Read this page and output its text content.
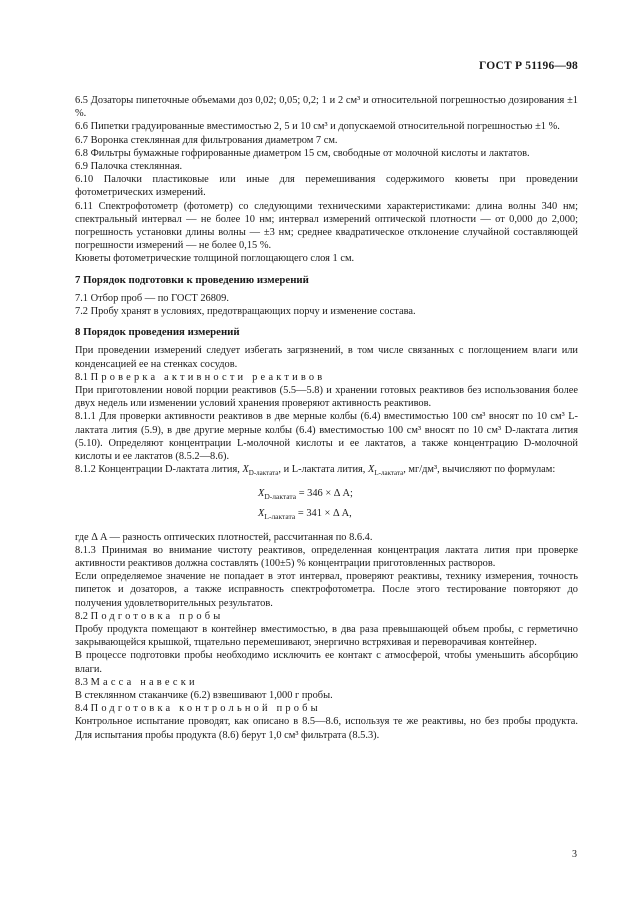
ГОСТ Р 51196—98

6.5 Дозаторы пипеточные объемами доз 0,02; 0,05; 0,2; 1 и 2 см³ и относительной погрешностью дозирования ±1 %.

6.6 Пипетки градуированные вместимостью 2, 5 и 10 см³ и допускаемой относительной погрешностью ±1 %.

6.7 Воронка стеклянная для фильтрования диаметром 7 см.

6.8 Фильтры бумажные гофрированные диаметром 15 см, свободные от молочной кислоты и лактатов.

6.9 Палочка стеклянная.

6.10 Палочки пластиковые или иные для перемешивания содержимого кюветы при проведении фотометрических измерений.

6.11 Спектрофотометр (фотометр) со следующими техническими характеристиками: длина волны 340 нм; спектральный интервал — не более 10 нм; интервал измерений оптической плотности — от 0,000 до 2,000; погрешность установки длины волны — ±3 нм; среднее квадратическое отклонение случайной составляющей погрешности измерений — не более 0,15 %.

Кюветы фотометрические толщиной поглощающего слоя 1 см.

7 Порядок подготовки к проведению измерений

7.1 Отбор проб — по ГОСТ 26809.

7.2 Пробу хранят в условиях, предотвращающих порчу и изменение состава.

8 Порядок проведения измерений

При проведении измерений следует избегать загрязнений, в том числе связанных с поглощением влаги или конденсацией ее на стенках сосудов.

8.1 Проверка активности реактивов

При приготовлении новой порции реактивов (5.5—5.8) и хранении готовых реактивов без использования более двух недель или изменении условий хранения проверяют активность реактивов.

8.1.1 Для проверки активности реактивов в две мерные колбы (6.4) вместимостью 100 см³ вносят по 10 см³ L-лактата лития (5.9), в две другие мерные колбы (6.4) вместимостью 100 см³ вносят по 10 см³ D-лактата лития (5.10). Определяют концентрации L-молочной кислоты и ее лактатов, а также концентрацию D-молочной кислоты и ее лактатов (8.5.2—8.6).

8.1.2 Концентрации D-лактата лития, $X_{D-лактата}$, и L-лактата лития, $X_{L-лактата}$, мг/дм³, вычисляют по формулам:

$X_{D-лактата} = 346 \times \Delta$ A;
$X_{L-лактата} = 341 \times \Delta$ A,

где Δ A — разность оптических плотностей, рассчитанная по 8.6.4.

8.1.3 Принимая во внимание чистоту реактивов, определенная концентрация лактата лития при проверке активности реактивов должна составлять (100±5) % концентрации приготовленных растворов.

Если определяемое значение не попадает в этот интервал, проверяют реактивы, технику измерения, точность пипеток и дозаторов, а также исправность спектрофотометра. После этого тестирование повторяют до получения удовлетворительных результатов.

8.2 Подготовка пробы

Пробу продукта помещают в контейнер вместимостью, в два раза превышающей объем пробы, с герметично закрывающейся крышкой, тщательно перемешивают, энергично встряхивая и переворачивая контейнер.

В процессе подготовки пробы необходимо исключить ее контакт с атмосферой, чтобы уменьшить абсорбцию влаги.

8.3 Масса навески

В стеклянном стаканчике (6.2) взвешивают 1,000 г пробы.

8.4 Подготовка контрольной пробы

Контрольное испытание проводят, как описано в 8.5—8.6, используя те же реактивы, но без пробы продукта. Для испытания пробы продукта (8.6) берут 1,0 см³ фильтрата (8.5.3).

3
